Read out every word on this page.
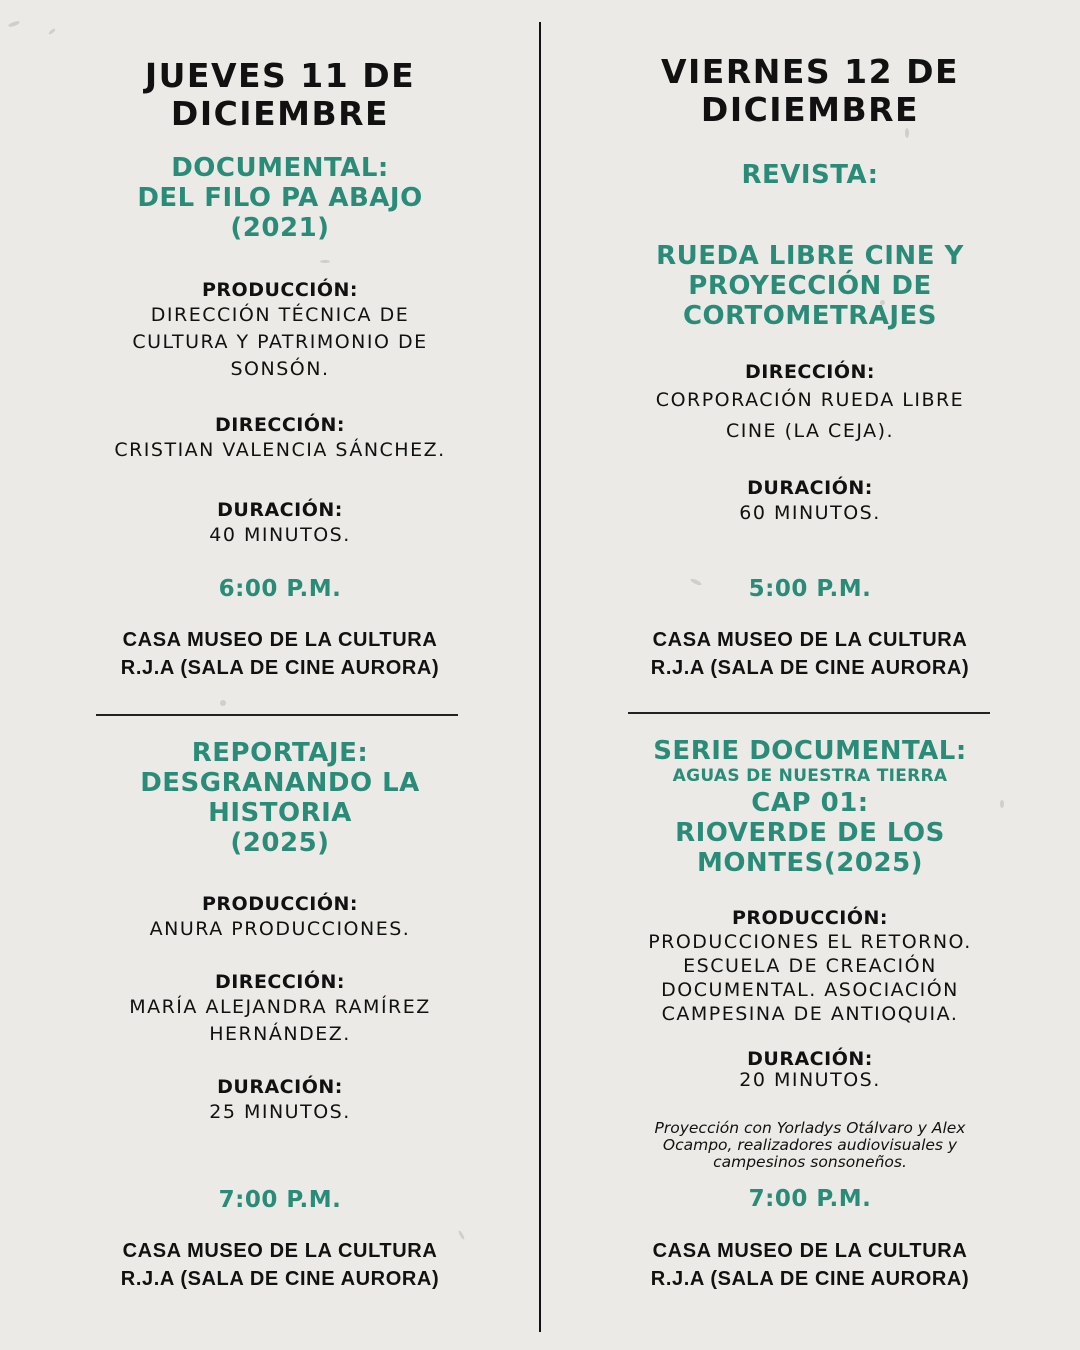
JUEVES 11 DE
DICIEMBRE
DOCUMENTAL:
DEL FILO PA ABAJO
(2021)
PRODUCCIÓN:
DIRECCIÓN TÉCNICA DE
CULTURA Y PATRIMONIO DE
SONSÓN.
DIRECCIÓN:
CRISTIAN VALENCIA SÁNCHEZ.
DURACIÓN:
40 MINUTOS.
6:00 P.M.
CASA MUSEO DE LA CULTURA
R.J.A (SALA DE CINE AURORA)
REPORTAJE:
DESGRANANDO LA
HISTORIA
(2025)
PRODUCCIÓN:
ANURA PRODUCCIONES.
DIRECCIÓN:
MARÍA ALEJANDRA RAMÍREZ
HERNÁNDEZ.
DURACIÓN:
25 MINUTOS.
7:00 P.M.
CASA MUSEO DE LA CULTURA
R.J.A (SALA DE CINE AURORA)
VIERNES 12 DE
DICIEMBRE
REVISTA:
RUEDA LIBRE CINE Y
PROYECCIÓN DE
CORTOMETRAJES
DIRECCIÓN:
CORPORACIÓN RUEDA LIBRE
CINE (LA CEJA).
DURACIÓN:
60 MINUTOS.
5:00 P.M.
CASA MUSEO DE LA CULTURA
R.J.A (SALA DE CINE AURORA)
SERIE DOCUMENTAL:
AGUAS DE NUESTRA TIERRA
CAP 01:
RIOVERDE DE LOS
MONTES(2025)
PRODUCCIÓN:
PRODUCCIONES EL RETORNO.
ESCUELA DE CREACIÓN
DOCUMENTAL. ASOCIACIÓN
CAMPESINA DE ANTIOQUIA.
DURACIÓN:
20 MINUTOS.
Proyección con Yorladys Otálvaro y Alex
Ocampo, realizadores audiovisuales y
campesinos sonsoneños.
7:00 P.M.
CASA MUSEO DE LA CULTURA
R.J.A (SALA DE CINE AURORA)
